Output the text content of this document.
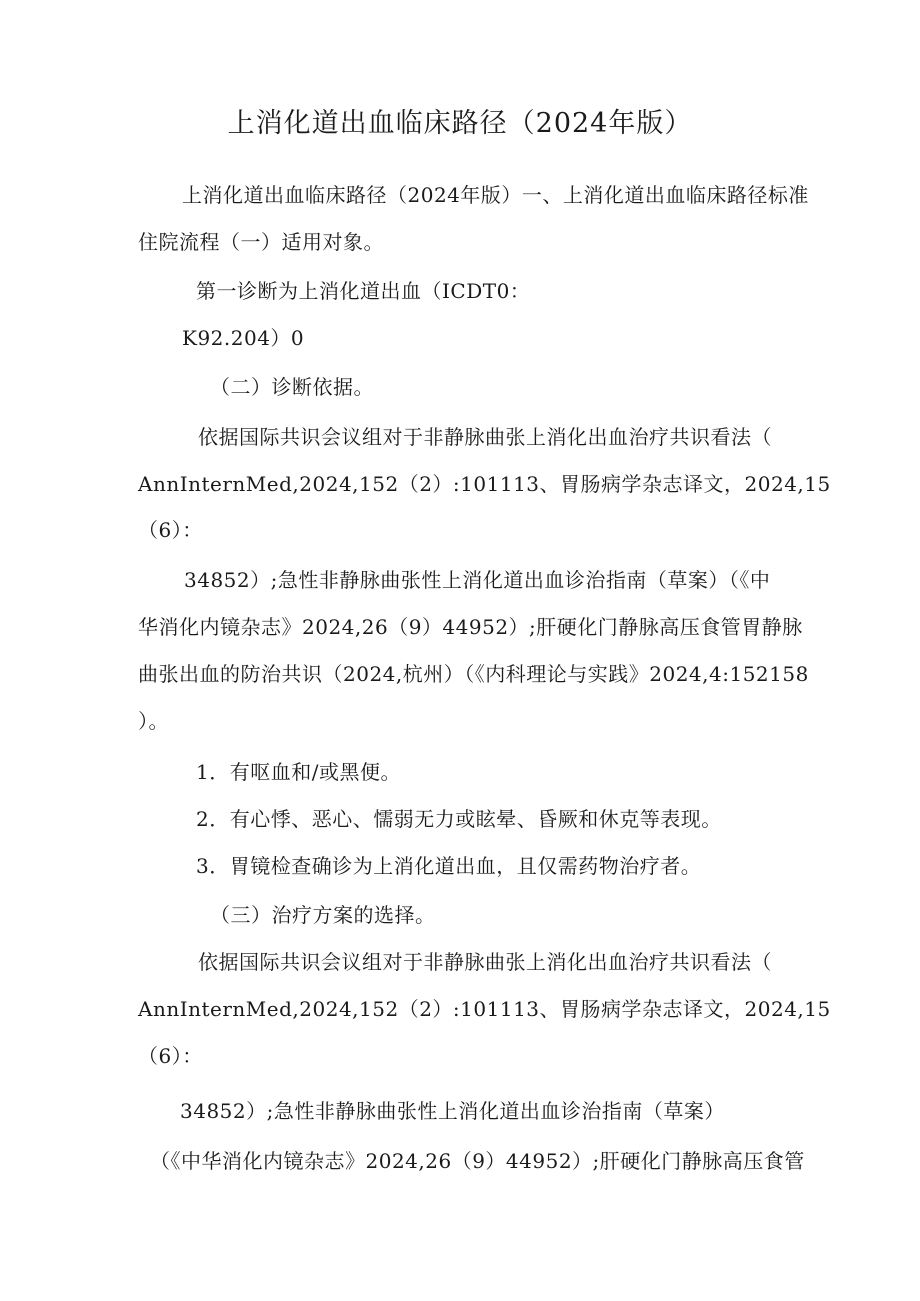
上消化道出血临床路径（2024年版）
上消化道出血临床路径（2024年版）一、上消化道出血临床路径标准
住院流程（一）适用对象。
第一诊断为上消化道出血（ICDT0：
K92.204）0
（二）诊断依据。
依据国际共识会议组对于非静脉曲张上消化出血治疗共识看法（
AnnInternMed,2024,152（2）:101113、胃肠病学杂志译文，2024,15
（6）：
34852）;急性非静脉曲张性上消化道出血诊治指南（草案）（《中
华消化内镜杂志》2024,26（9）44952）;肝硬化门静脉高压食管胃静脉
曲张出血的防治共识（2024,杭州）（《内科理论与实践》2024,4:152158
）。
1．有呕血和/或黑便。
2．有心悸、恶心、懦弱无力或眩晕、昏厥和休克等表现。
3．胃镜检查确诊为上消化道出血，且仅需药物治疗者。
（三）治疗方案的选择。
依据国际共识会议组对于非静脉曲张上消化出血治疗共识看法（
AnnInternMed,2024,152（2）:101113、胃肠病学杂志译文，2024,15
（6）：
34852）;急性非静脉曲张性上消化道出血诊治指南（草案）
（《中华消化内镜杂志》2024,26（9）44952）;肝硬化门静脉高压食管
